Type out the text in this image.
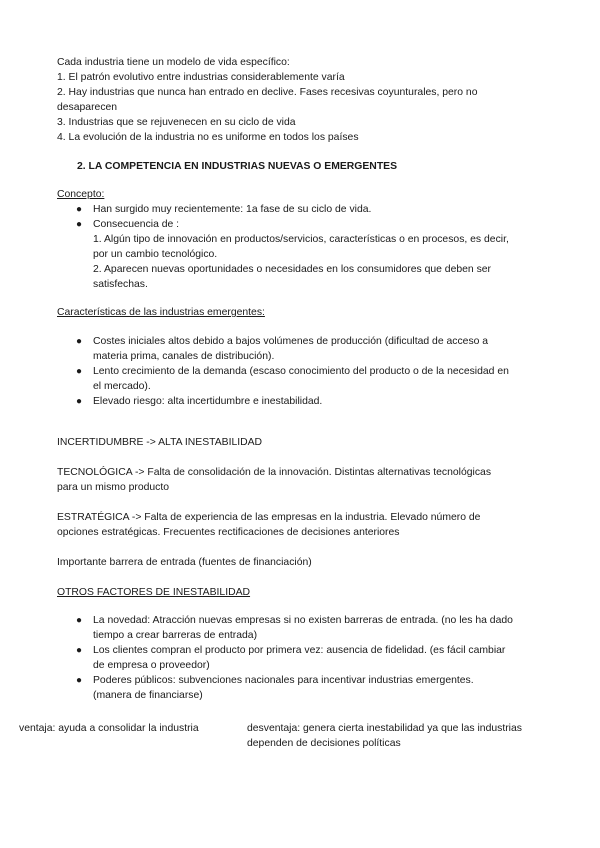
Cada industria tiene un modelo de vida específico:
1. El patrón evolutivo entre industrias considerablemente varía
2. Hay industrias que nunca han entrado en declive. Fases recesivas coyunturales, pero no
desaparecen
3. Industrias que se rejuvenecen en su ciclo de vida
4. La evolución de la industria no es uniforme en todos los países
2. LA COMPETENCIA EN INDUSTRIAS NUEVAS O EMERGENTES
Concepto:
● Han surgido muy recientemente: 1a fase de su ciclo de vida.
● Consecuencia de :
1. Algún tipo de innovación en productos/servicios, características o en procesos, es decir,
por un cambio tecnológico.
2. Aparecen nuevas oportunidades o necesidades en los consumidores que deben ser
satisfechas.
Características de las industrias emergentes:
● Costes iniciales altos debido a bajos volúmenes de producción (dificultad de acceso a
materia prima, canales de distribución).
● Lento crecimiento de la demanda (escaso conocimiento del producto o de la necesidad en
el mercado).
● Elevado riesgo: alta incertidumbre e inestabilidad.
INCERTIDUMBRE -> ALTA INESTABILIDAD
TECNOLÓGICA -> Falta de consolidación de la innovación. Distintas alternativas tecnológicas
para un mismo producto
ESTRATÉGICA -> Falta de experiencia de las empresas en la industria. Elevado número de
opciones estratégicas. Frecuentes rectificaciones de decisiones anteriores
Importante barrera de entrada (fuentes de financiación)
OTROS FACTORES DE INESTABILIDAD
● La novedad: Atracción nuevas empresas si no existen barreras de entrada. (no les ha dado
tiempo a crear barreras de entrada)
● Los clientes compran el producto por primera vez: ausencia de fidelidad. (es fácil cambiar
de empresa o proveedor)
● Poderes públicos: subvenciones nacionales para incentivar industrias emergentes.
(manera de financiarse)
ventaja: ayuda a consolidar la industria	desventaja: genera cierta inestabilidad ya que las industrias
dependen de decisiones políticas
